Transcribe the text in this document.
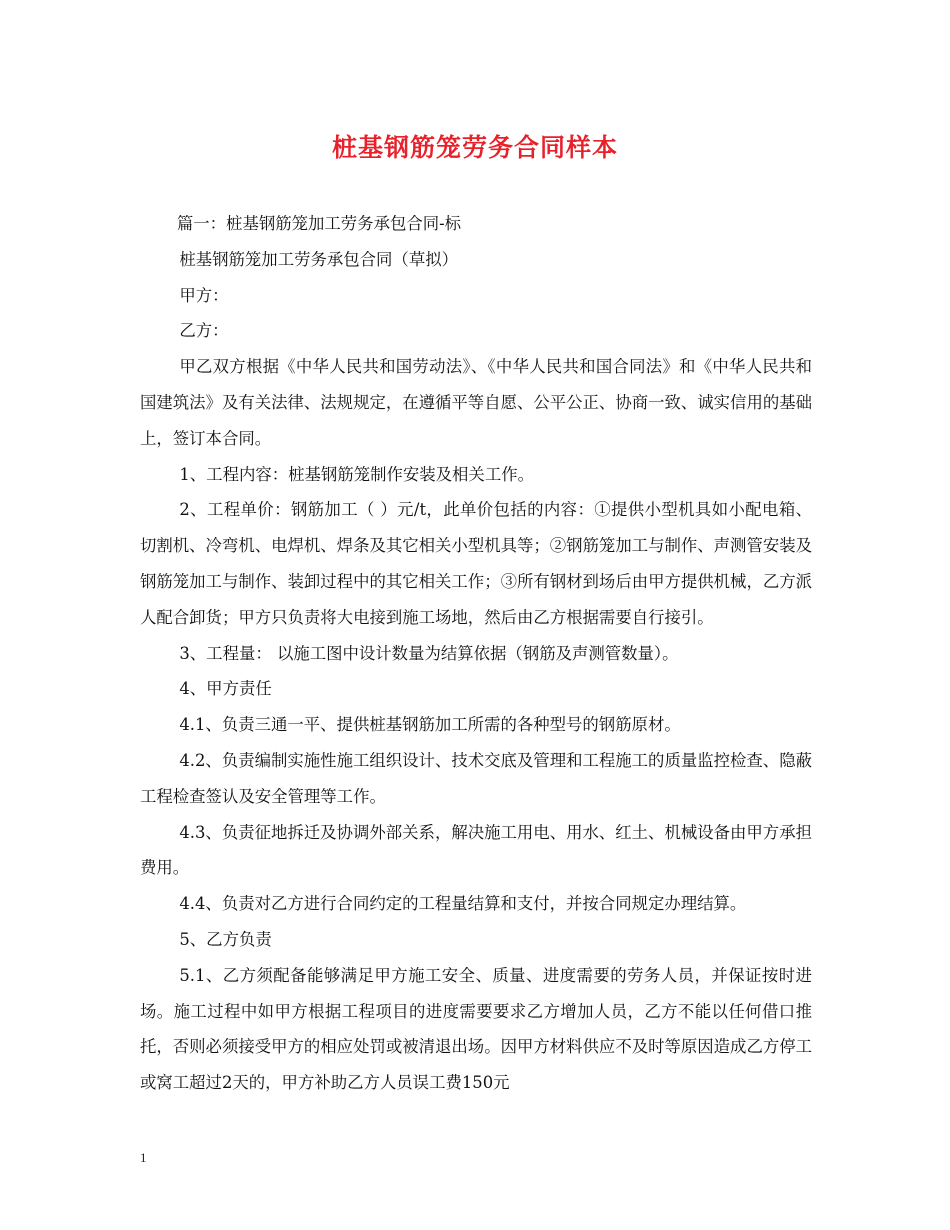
桩基钢筋笼劳务合同样本

篇一：桩基钢筋笼加工劳务承包合同-标

桩基钢筋笼加工劳务承包合同（草拟）

甲方：

乙方：

甲乙双方根据《中华人民共和国劳动法》、《中华人民共和国合同法》和《中华人民共和国建筑法》及有关法律、法规规定，在遵循平等自愿、公平公正、协商一致、诚实信用的基础上，签订本合同。

1、工程内容：桩基钢筋笼制作安装及相关工作。

2、工程单价：钢筋加工（ ）元/t，此单价包括的内容：①提供小型机具如小配电箱、切割机、冷弯机、电焊机、焊条及其它相关小型机具等；②钢筋笼加工与制作、声测管安装及钢筋笼加工与制作、装卸过程中的其它相关工作；③所有钢材到场后由甲方提供机械，乙方派人配合卸货；甲方只负责将大电接到施工场地，然后由乙方根据需要自行接引。

3、工程量： 以施工图中设计数量为结算依据（钢筋及声测管数量）。

4、甲方责任

4.1、负责三通一平、提供桩基钢筋加工所需的各种型号的钢筋原材。

4.2、负责编制实施性施工组织设计、技术交底及管理和工程施工的质量监控检查、隐蔽工程检查签认及安全管理等工作。

4.3、负责征地拆迁及协调外部关系，解决施工用电、用水、红土、机械设备由甲方承担费用。

4.4、负责对乙方进行合同约定的工程量结算和支付，并按合同规定办理结算。

5、乙方负责

5.1、乙方须配备能够满足甲方施工安全、质量、进度需要的劳务人员，并保证按时进场。施工过程中如甲方根据工程项目的进度需要要求乙方增加人员，乙方不能以任何借口推托，否则必须接受甲方的相应处罚或被清退出场。因甲方材料供应不及时等原因造成乙方停工或窝工超过2天的，甲方补助乙方人员误工费150元

1
